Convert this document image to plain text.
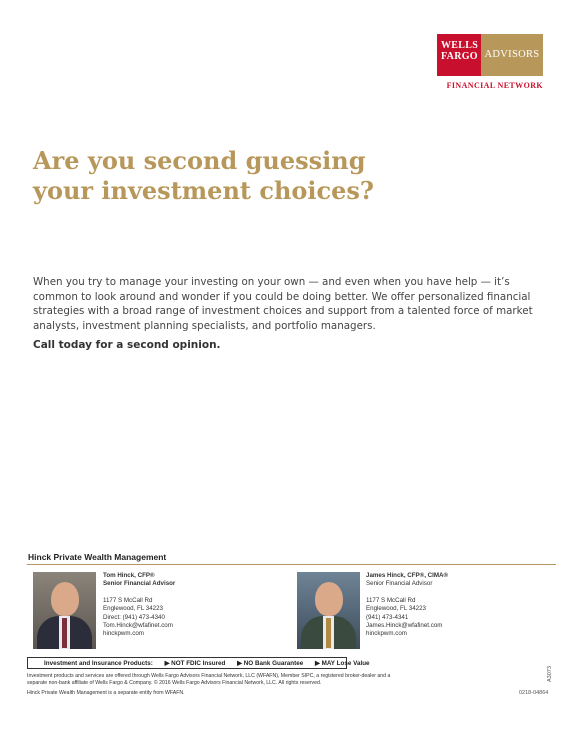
WELLS FARGO ADVISORS
FINANCIAL NETWORK
Are you second guessing
your investment choices?

When you try to manage your investing on your own — and even when you have help — it’s common to look around and wonder if you could be doing better. We offer personalized financial strategies with a broad range of investment choices and support from a talented force of market analysts, investment planning specialists, and portfolio managers.

Call today for a second opinion.

Hinck Private Wealth Management
Tom Hinck, CFP®
Senior Financial Advisor
1177 S McCall Rd
Englewood, FL 34223
Direct: (941) 473-4340
Tom.Hinck@wfafinet.com
hinckpwm.com
James Hinck, CFP®, CIMA®
Senior Financial Advisor
1177 S McCall Rd
Englewood, FL 34223
(941) 473-4341
James.Hinck@wfafinet.com
hinckpwm.com
Investment and Insurance Products: ▶ NOT FDIC Insured ▶ NO Bank Guarantee ▶ MAY Lose Value
Investment products and services are offered through Wells Fargo Advisors Financial Network, LLC (WFAFN), Member SIPC, a registered broker-dealer and a separate non-bank affiliate of Wells Fargo & Company. © 2016 Wells Fargo Advisors Financial Network, LLC. All rights reserved.
Hinck Private Wealth Management is a separate entity from WFAFN.
A3073
0218-04864
